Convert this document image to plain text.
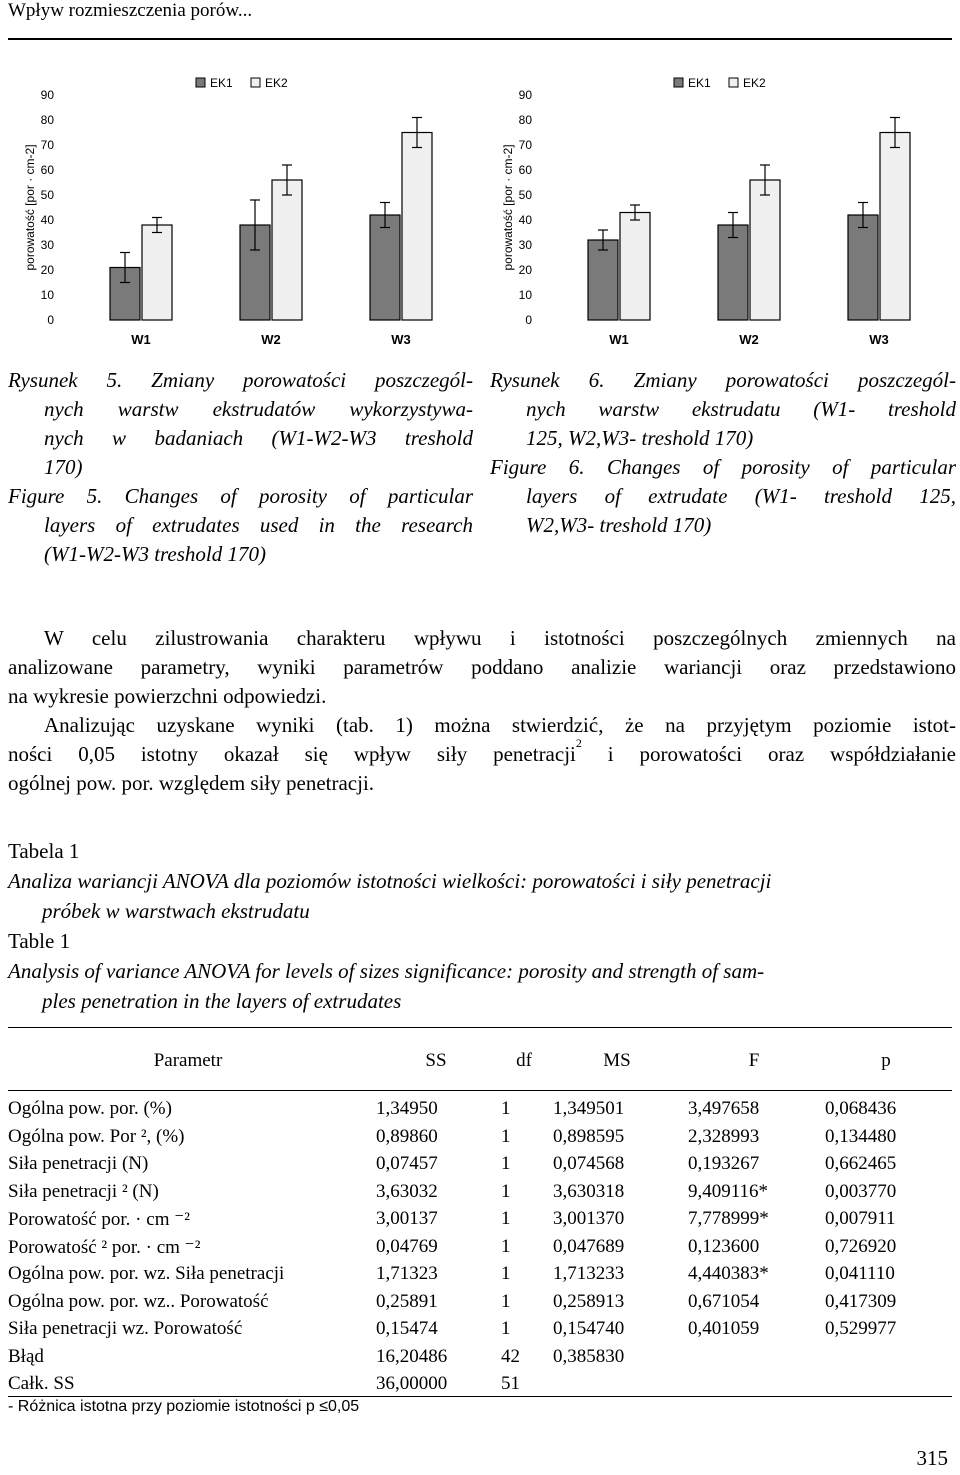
Wpływ rozmieszczenia porów...
0
10
20
30
40
50
60
70
80
90
porowatość [por · cm-2]
EK1	EK2
W1	W2	W3
0
10
20
30
40
50
60
70
80
90
porowatość [por · cm-2]
EK1	EK2
W1	W2	W3
Rysunek 5. Zmiany porowatości poszczegól-
nych warstw ekstrudatów wykorzystywa-
nych w badaniach (W1-W2-W3 treshold
170)
Figure 5. Changes of porosity of particular
layers of extrudates used in the research
(W1-W2-W3 treshold 170)
Rysunek 6. Zmiany porowatości poszczegól-
nych warstw ekstrudatu (W1- treshold
125, W2,W3- treshold 170)
Figure 6. Changes of porosity of particular
layers of extrudate (W1- treshold 125,
W2,W3- treshold 170)
W celu zilustrowania charakteru wpływu i istotności poszczególnych zmiennych na
analizowane parametry, wyniki parametrów poddano analizie wariancji oraz przedstawiono
na wykresie powierzchni odpowiedzi.
Analizując uzyskane wyniki (tab. 1) można stwierdzić, że na przyjętym poziomie istot-
ności 0,05 istotny okazał się wpływ siły penetracji$^2$ i porowatości oraz współdziałanie
ogólnej pow. por. względem siły penetracji.
Tabela 1
Analiza wariancji ANOVA dla poziomów istotności wielkości: porowatości i siły penetracji
próbek w warstwach ekstrudatu
Table 1
Analysis of variance ANOVA for levels of sizes significance: porosity and strength of sam-
ples penetration in the layers of extrudates
Parametr	SS	df	MS	F	p
Ogólna pow. por. (%)	1,34950	1 1,349501	3,497658	0,068436
Ogólna pow. Por ², (%)	0,89860	1 0,898595	2,328993	0,134480
Siła penetracji (N)	0,07457	1 0,074568	0,193267	0,662465
Siła penetracji ² (N)	3,63032	1 3,630318	9,409116*	0,003770
Porowatość por. · cm ⁻²	3,00137	1 3,001370	7,778999*	0,007911
Porowatość ² por. · cm ⁻²	0,04769	1 0,047689	0,123600	0,726920
Ogólna pow. por. wz. Siła penetracji	1,71323	1 1,713233	4,440383*	0,041110
Ogólna pow. por. wz.. Porowatość	0,25891	1 0,258913	0,671054	0,417309
Siła penetracji wz. Porowatość	0,15474	1 0,154740	0,401059	0,529977
Błąd	16,20486	42 0,385830
Całk. SS	36,00000	51
- Różnica istotna przy poziomie istotności p ≤0,05
315
